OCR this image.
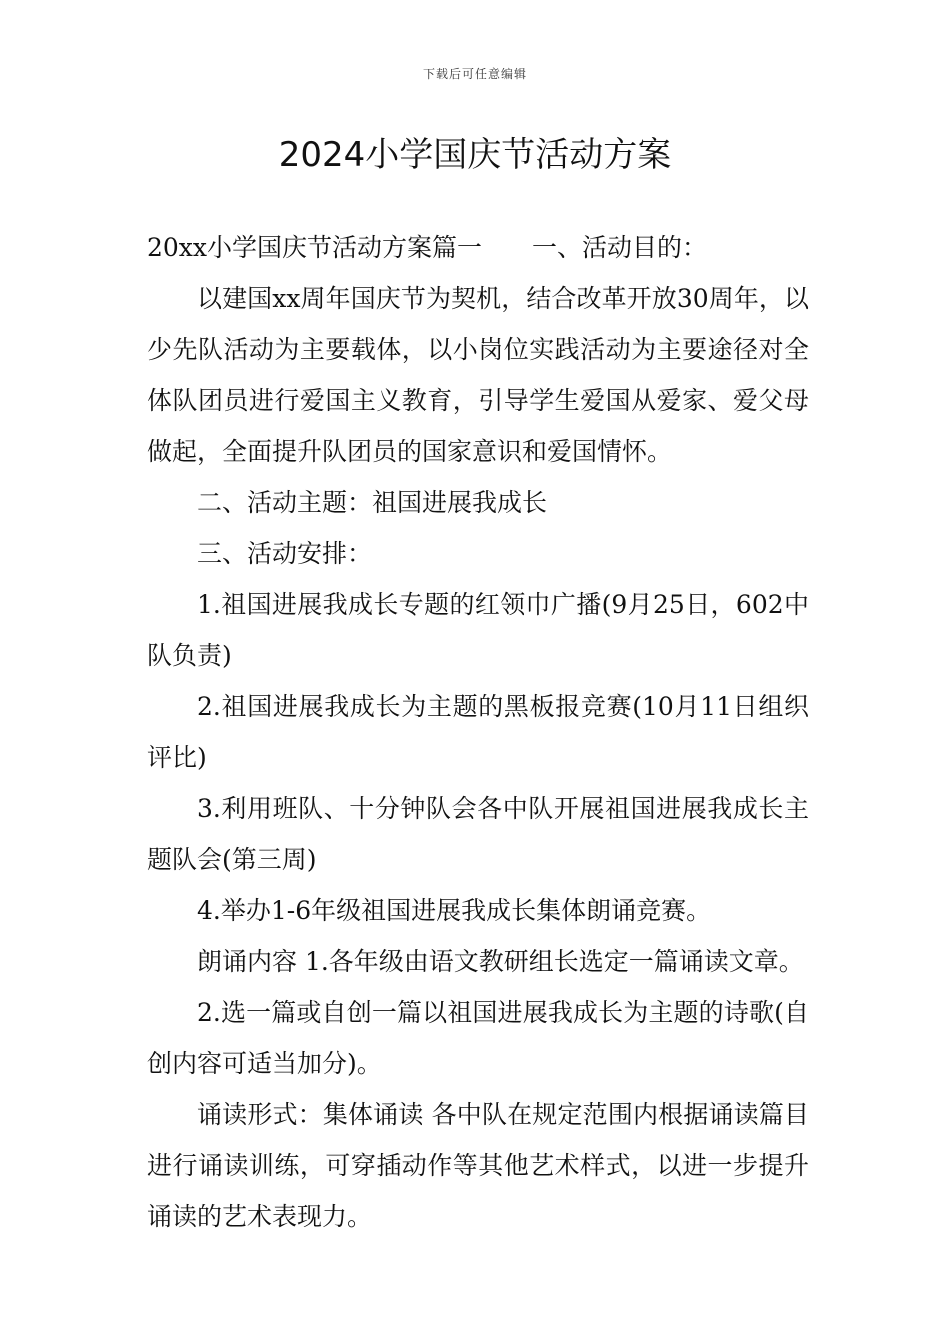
下载后可任意编辑
2024小学国庆节活动方案

20xx小学国庆节活动方案篇一　　一、活动目的：

以建国xx周年国庆节为契机，结合改革开放30周年，以少先队活动为主要载体，以小岗位实践活动为主要途径对全体队团员进行爱国主义教育，引导学生爱国从爱家、爱父母做起，全面提升队团员的国家意识和爱国情怀。

二、活动主题：祖国进展我成长

三、活动安排：

1.祖国进展我成长专题的红领巾广播(9月25日，602中队负责)

2.祖国进展我成长为主题的黑板报竞赛(10月11日组织评比)

3.利用班队、十分钟队会各中队开展祖国进展我成长主题队会(第三周)

4.举办1-6年级祖国进展我成长集体朗诵竞赛。

朗诵内容 1.各年级由语文教研组长选定一篇诵读文章。

2.选一篇或自创一篇以祖国进展我成长为主题的诗歌(自创内容可适当加分)。

诵读形式：集体诵读 各中队在规定范围内根据诵读篇目进行诵读训练，可穿插动作等其他艺术样式，以进一步提升诵读的艺术表现力。
